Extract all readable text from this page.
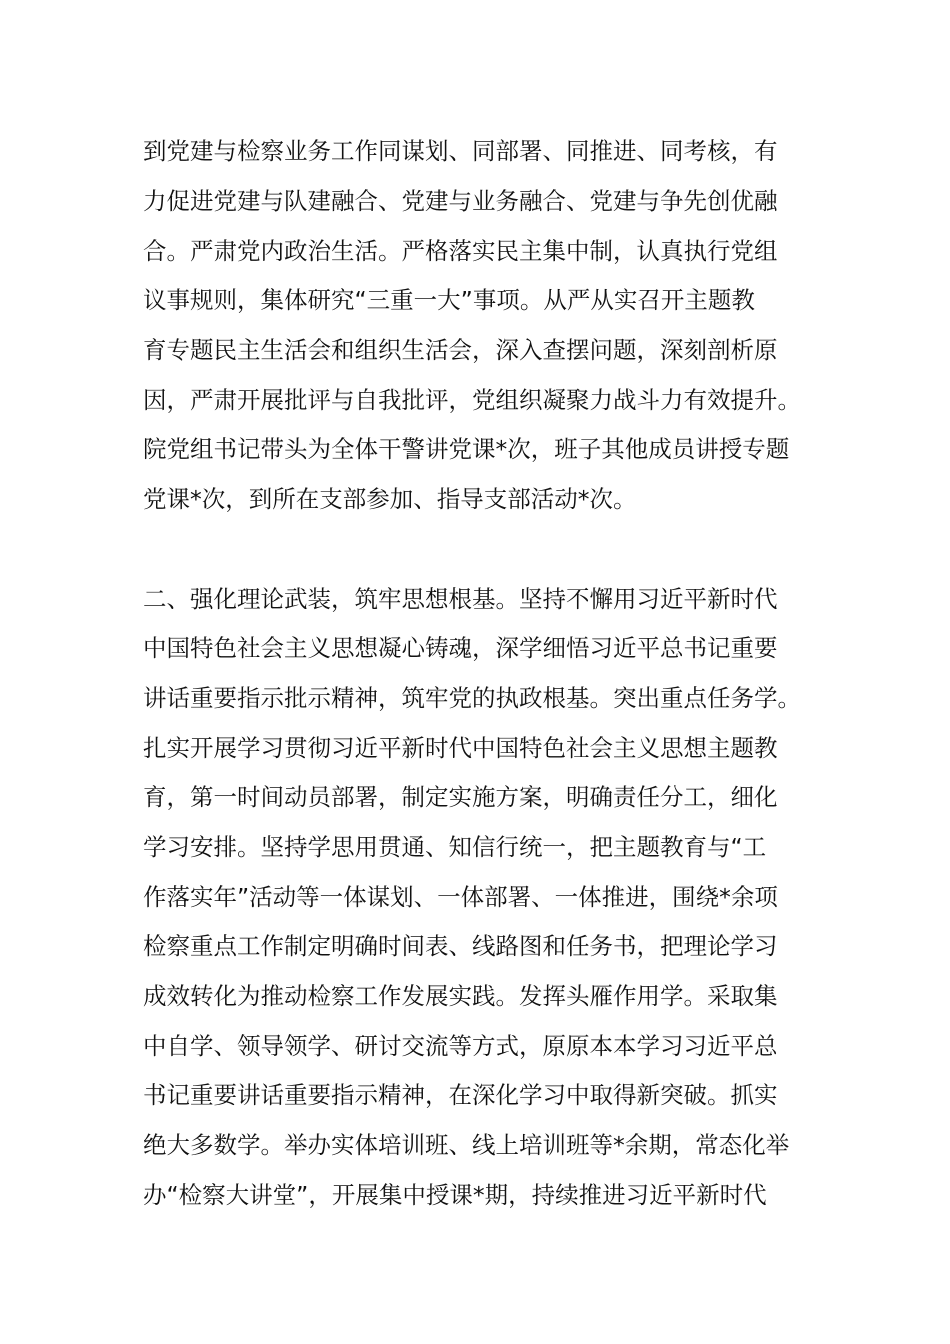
到党建与检察业务工作同谋划、同部署、同推进、同考核，有
力促进党建与队建融合、党建与业务融合、党建与争先创优融
合。严肃党内政治生活。严格落实民主集中制，认真执行党组
议事规则，集体研究“三重一大”事项。从严从实召开主题教
育专题民主生活会和组织生活会，深入查摆问题，深刻剖析原
因，严肃开展批评与自我批评，党组织凝聚力战斗力有效提升。
院党组书记带头为全体干警讲党课*次，班子其他成员讲授专题
党课*次，到所在支部参加、指导支部活动*次。
二、强化理论武装，筑牢思想根基。坚持不懈用习近平新时代
中国特色社会主义思想凝心铸魂，深学细悟习近平总书记重要
讲话重要指示批示精神，筑牢党的执政根基。突出重点任务学。
扎实开展学习贯彻习近平新时代中国特色社会主义思想主题教
育，第一时间动员部署，制定实施方案，明确责任分工，细化
学习安排。坚持学思用贯通、知信行统一，把主题教育与“工
作落实年”活动等一体谋划、一体部署、一体推进，围绕*余项
检察重点工作制定明确时间表、线路图和任务书，把理论学习
成效转化为推动检察工作发展实践。发挥头雁作用学。采取集
中自学、领导领学、研讨交流等方式，原原本本学习习近平总
书记重要讲话重要指示精神，在深化学习中取得新突破。抓实
绝大多数学。举办实体培训班、线上培训班等*余期，常态化举
办“检察大讲堂”，开展集中授课*期，持续推进习近平新时代
